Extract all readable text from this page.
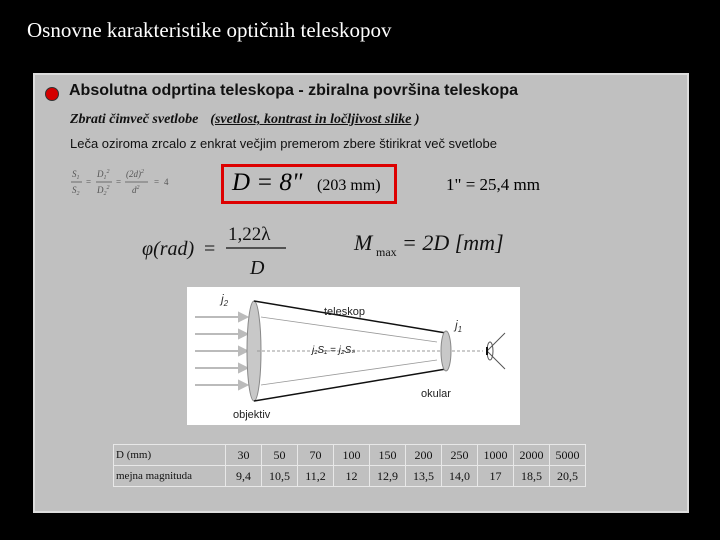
Osnovne karakteristike optičnih teleskopov
Absolutna odprtina teleskopa - zbiralna površina teleskopa
Zbrati čimveč svetlobe (svetlost, kontrast in ločljivost slike )
Leča oziroma zrcalo z enkrat večjim premerom zbere štirikrat več svetlobe
$S_1$
$S_2$
=
$D_1^2$
$D_2^2$
=
$(2d)^2$
$d^2$
= 4	D = 8" (203 mm)	1" = 25,4 mm
φ(rad) =
1,22λ
D
M max = 2D [mm]
$j_2$
teleskop
$j_1$
j₁S₁ = j₂Sₛ
okular
objektiv
D (mm)	30	50	70	100	150	200	250	1000	2000	5000
mejna magnituda	9,4	10,5	11,2	12	12,9	13,5	14,0	17	18,5	20,5
